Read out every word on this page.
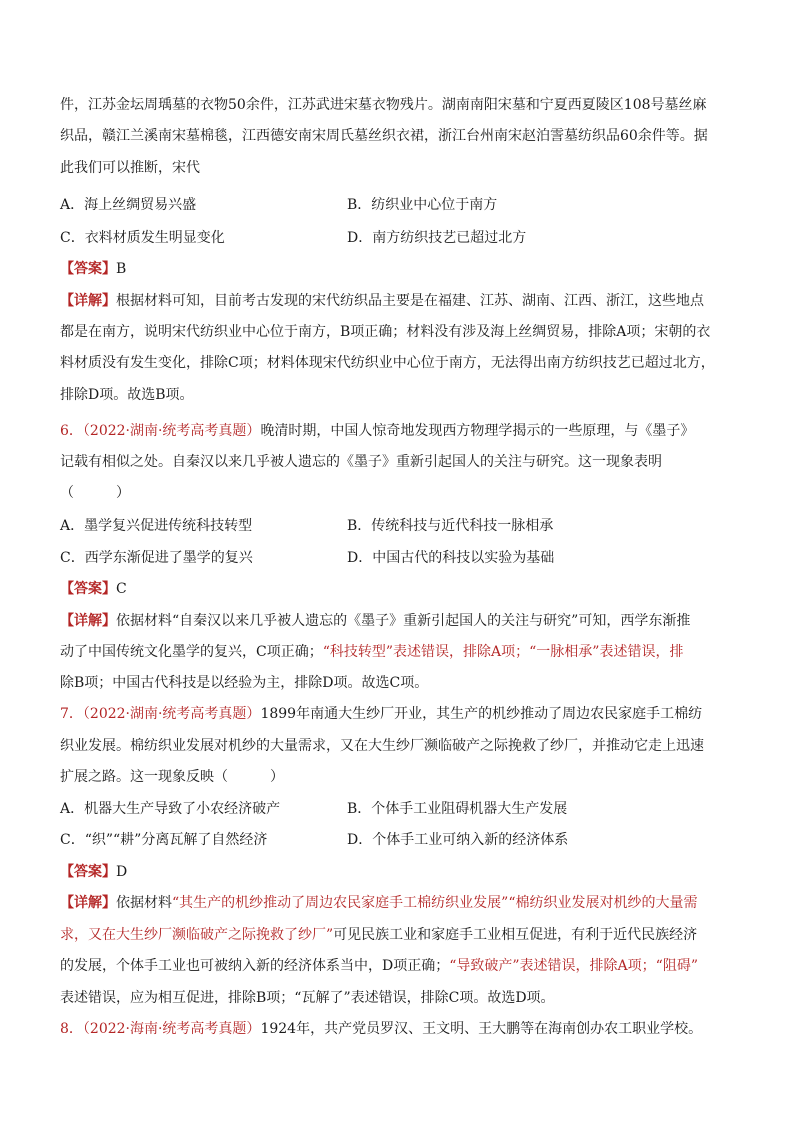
件，江苏金坛周瑀墓的衣物50余件，江苏武进宋墓衣物残片。湖南南阳宋墓和宁夏西夏陵区108号墓丝麻
织品，赣江兰溪南宋墓棉毯，江西德安南宋周氏墓丝织衣裙，浙江台州南宋赵泊霅墓纺织品60余件等。据
此我们可以推断，宋代
A．海上丝绸贸易兴盛	B．纺织业中心位于南方
C．衣料材质发生明显变化	D．南方纺织技艺已超过北方
【答案】B
【详解】根据材料可知，目前考古发现的宋代纺织品主要是在福建、江苏、湖南、江西、浙江，这些地点
都是在南方，说明宋代纺织业中心位于南方，B项正确；材料没有涉及海上丝绸贸易，排除A项；宋朝的衣
料材质没有发生变化，排除C项；材料体现宋代纺织业中心位于南方，无法得出南方纺织技艺已超过北方，
排除D项。故选B项。
6．（2022·湖南·统考高考真题）晚清时期，中国人惊奇地发现西方物理学揭示的一些原理，与《墨子》
记载有相似之处。自秦汉以来几乎被人遗忘的《墨子》重新引起国人的关注与研究。这一现象表明
（　　　）
A．墨学复兴促进传统科技转型	B．传统科技与近代科技一脉相承
C．西学东渐促进了墨学的复兴	D．中国古代的科技以实验为基础
【答案】C
【详解】依据材料“自秦汉以来几乎被人遗忘的《墨子》重新引起国人的关注与研究”可知，西学东渐推
动了中国传统文化墨学的复兴，C项正确；“科技转型”表述错误，排除A项；“一脉相承”表述错误，排
除B项；中国古代科技是以经验为主，排除D项。故选C项。
7．（2022·湖南·统考高考真题）1899年南通大生纱厂开业，其生产的机纱推动了周边农民家庭手工棉纺
织业发展。棉纺织业发展对机纱的大量需求，又在大生纱厂濒临破产之际挽救了纱厂，并推动它走上迅速
扩展之路。这一现象反映（　　　）
A．机器大生产导致了小农经济破产	B．个体手工业阻碍机器大生产发展
C．“织”“耕”分离瓦解了自然经济	D．个体手工业可纳入新的经济体系
【答案】D
【详解】依据材料“其生产的机纱推动了周边农民家庭手工棉纺织业发展”“棉纺织业发展对机纱的大量需
求，又在大生纱厂濒临破产之际挽救了纱厂”可见民族工业和家庭手工业相互促进，有利于近代民族经济
的发展，个体手工业也可被纳入新的经济体系当中，D项正确；“导致破产”表述错误，排除A项；“阻碍”
表述错误，应为相互促进，排除B项；“瓦解了”表述错误，排除C项。故选D项。
8．（2022·海南·统考高考真题）1924年，共产党员罗汉、王文明、王大鹏等在海南创办农工职业学校。
